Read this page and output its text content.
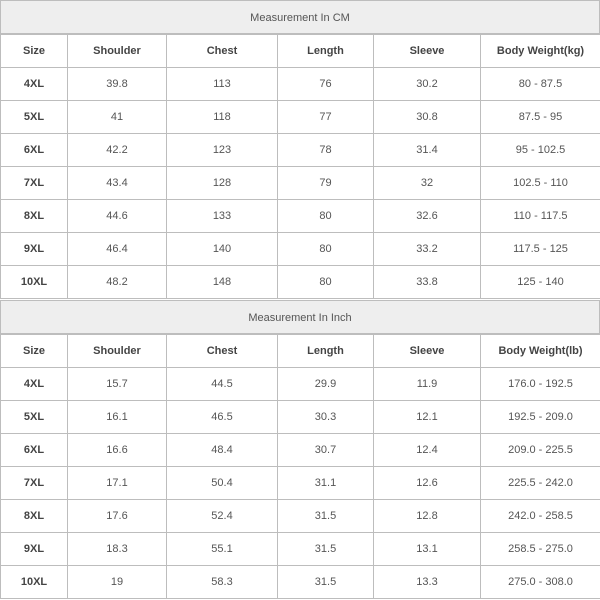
Measurement In CM
Size	Shoulder	Chest	Length	Sleeve	Body Weight(kg)
4XL	39.8	113	76	30.2	80 - 87.5
5XL	41	118	77	30.8	87.5 - 95
6XL	42.2	123	78	31.4	95 - 102.5
7XL	43.4	128	79	32	102.5 - 110
8XL	44.6	133	80	32.6	110 - 117.5
9XL	46.4	140	80	33.2	117.5 - 125
10XL	48.2	148	80	33.8	125 - 140
Measurement In Inch
Size	Shoulder	Chest	Length	Sleeve	Body Weight(lb)
4XL	15.7	44.5	29.9	11.9	176.0 - 192.5
5XL	16.1	46.5	30.3	12.1	192.5 - 209.0
6XL	16.6	48.4	30.7	12.4	209.0 - 225.5
7XL	17.1	50.4	31.1	12.6	225.5 - 242.0
8XL	17.6	52.4	31.5	12.8	242.0 - 258.5
9XL	18.3	55.1	31.5	13.1	258.5 - 275.0
10XL	19	58.3	31.5	13.3	275.0 - 308.0
